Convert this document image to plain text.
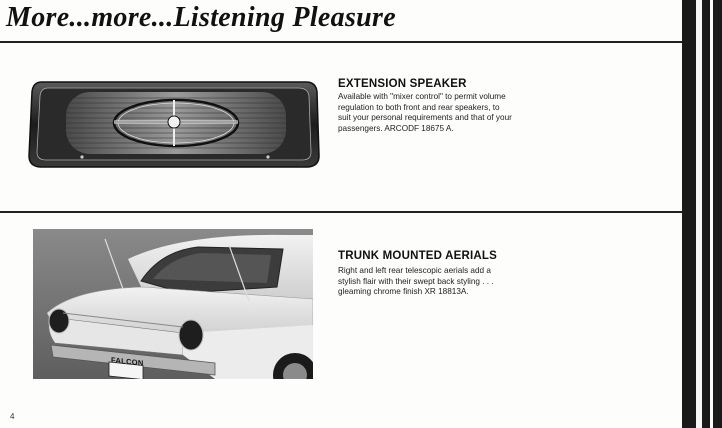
More...more...Listening Pleasure
FALCON
EXTENSION SPEAKER
Available with "mixer control" to permit volume regulation to both front and rear speakers, to suit your personal requirements and that of your passengers. ARCODF 18675 A.
TRUNK MOUNTED AERIALS
Right and left rear telescopic aerials add a stylish flair with their swept back styling . . . gleaming chrome finish XR 18813A.
4
